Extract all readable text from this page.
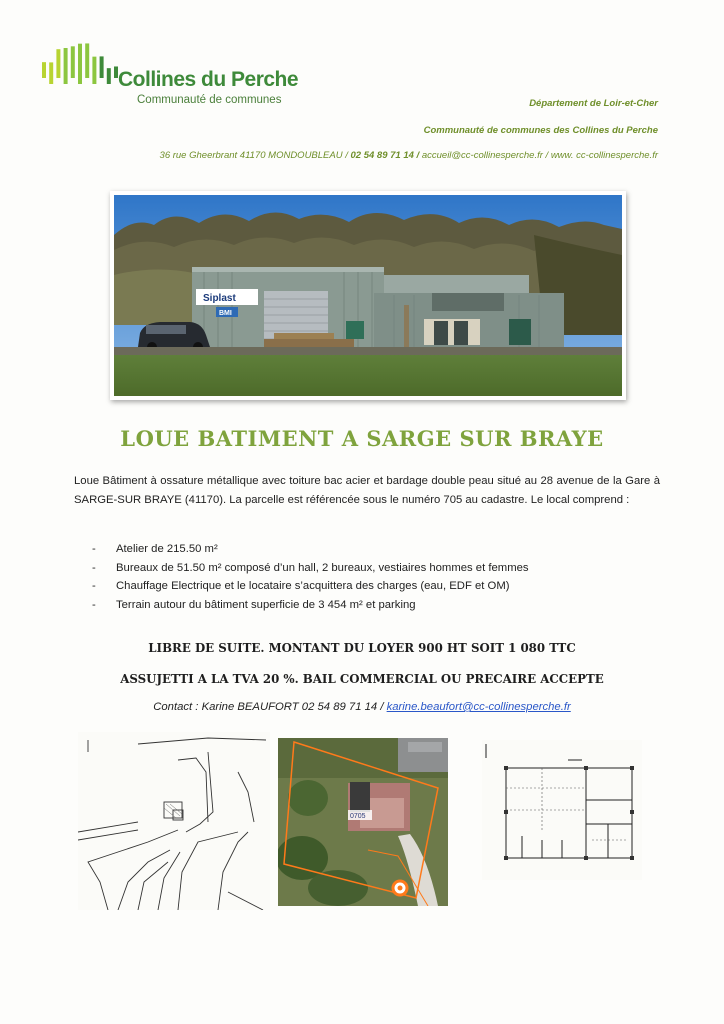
Collines du Perche
Communauté de communes	Département de Loir-et-Cher
Communauté de communes des Collines du Perche
36 rue Gheerbrant 41170 MONDOUBLEAU / 02 54 89 71 14 / accueil@cc-collinesperche.fr / www. cc-collinesperche.fr
Siplast
BMI
LOUE BATIMENT A SARGE SUR BRAYE
Loue Bâtiment à ossature métallique avec toiture bac acier et bardage double peau situé au 28 avenue de la Gare à SARGE-SUR BRAYE (41170). La parcelle est référencée sous le numéro 705 au cadastre. Le local comprend :
- Atelier de 215.50 m²
- Bureaux de 51.50 m² composé d’un hall, 2 bureaux, vestiaires hommes et femmes
- Chauffage Electrique et le locataire s’acquittera des charges (eau, EDF et OM)
- Terrain autour du bâtiment superficie de 3 454 m² et parking
LIBRE DE SUITE. MONTANT DU LOYER 900 HT SOIT 1 080 TTC
ASSUJETTI A LA TVA 20 %. BAIL COMMERCIAL OU PRECAIRE ACCEPTE
Contact : Karine BEAUFORT 02 54 89 71 14 / karine.beaufort@cc-collinesperche.fr
0705
